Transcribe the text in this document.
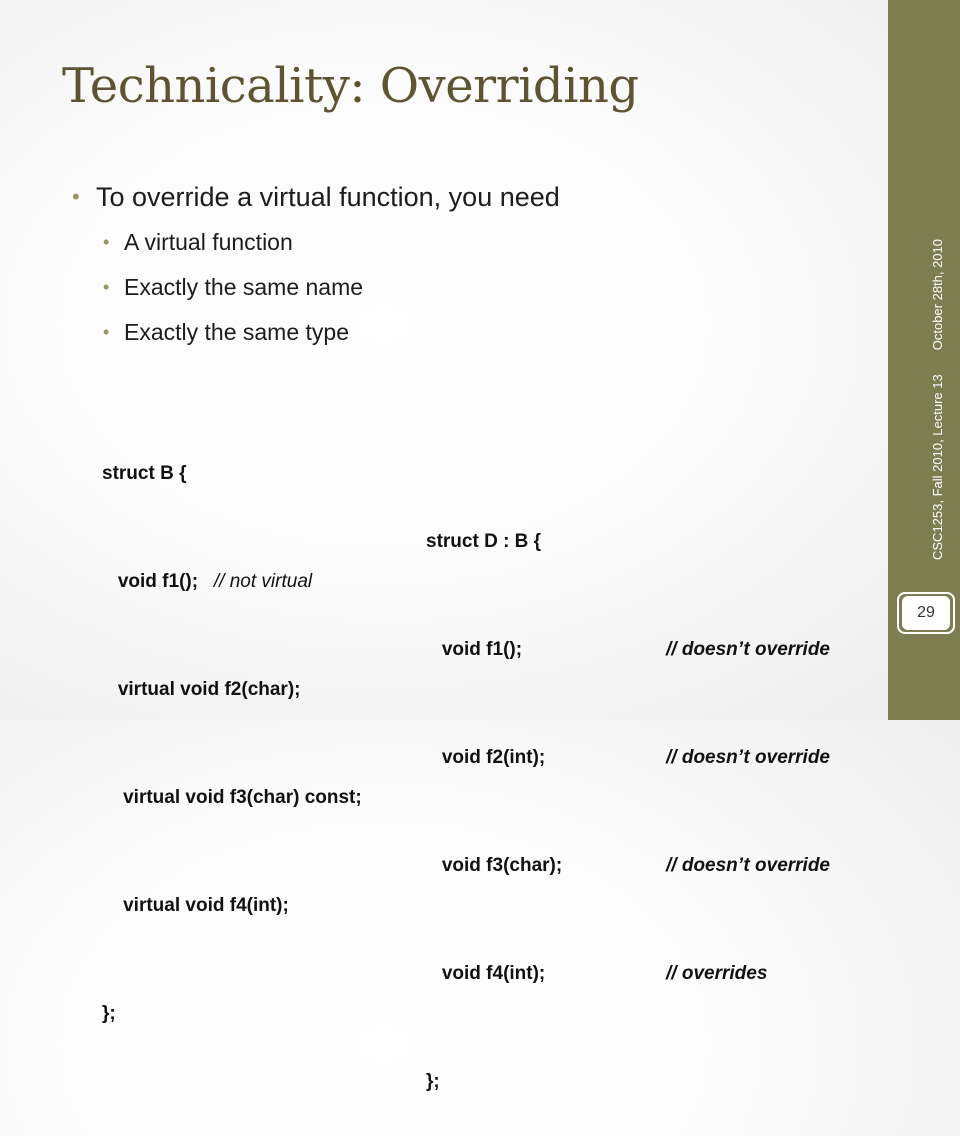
CSC1253, Fall 2010, Lecture 13October 28th, 2010
29
Technicality: Overriding
• To override a virtual function, you need
• A virtual function
• Exactly the same name
• Exactly the same type

struct B {

void f1();   // not virtual

virtual void f2(char);

virtual void f3(char) const;

virtual void f4(int);

};

struct D : B {

void f1();	// doesn’t override

void f2(int);	// doesn’t override

void f3(char);	// doesn’t override

void f4(int);	// overrides

};
